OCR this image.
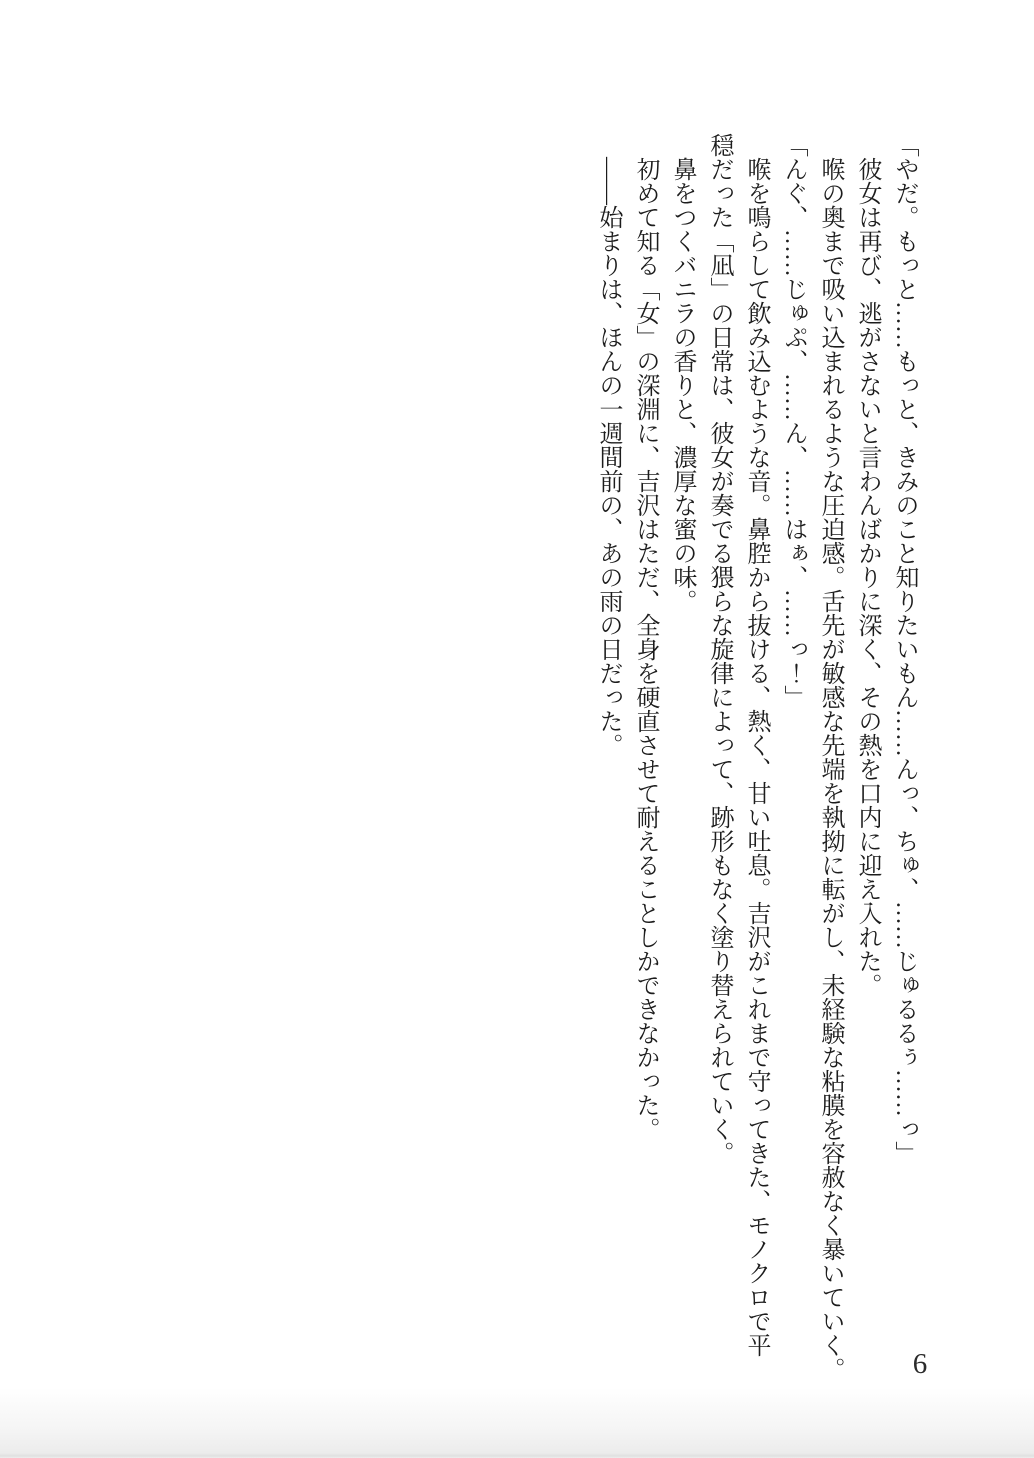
「やだ。もっと……もっと、きみのこと知りたいもん……んっ、ちゅ、……じゅるるぅ……っ」

彼女は再び、逃がさないと言わんばかりに深く、その熱を口内に迎え入れた。

喉の奥まで吸い込まれるような圧迫感。舌先が敏感な先端を執拗に転がし、未経験な粘膜を容赦なく暴いていく。

「んぐ、……じゅぷ、……ん、……はぁ、……っ！」

喉を鳴らして飲み込むような音。鼻腔から抜ける、熱く、甘い吐息。吉沢がこれまで守ってきた、モノクロで平

穏だった「凪」の日常は、彼女が奏でる猥らな旋律によって、跡形もなく塗り替えられていく。

鼻をつくバニラの香りと、濃厚な蜜の味。

初めて知る「女」の深淵に、吉沢はただ、全身を硬直させて耐えることしかできなかった。

――始まりは、ほんの一週間前の、あの雨の日だった。

6
